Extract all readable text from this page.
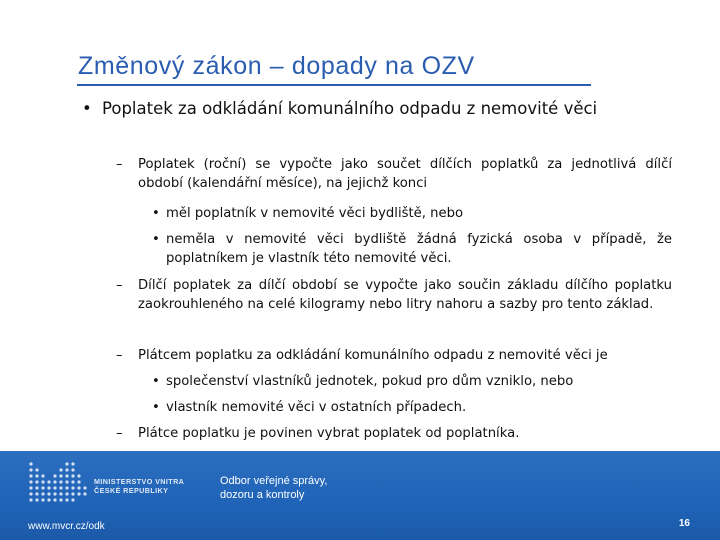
Změnový zákon – dopady na OZV
• Poplatek za odkládání komunálního odpadu z nemovité věci
– Poplatek (roční) se vypočte jako součet dílčích poplatků za jednotlivá dílčí období (kalendářní měsíce), na jejichž konci
• měl poplatník v nemovité věci bydliště, nebo
• neměla v nemovité věci bydliště žádná fyzická osoba v případě, že poplatníkem je vlastník této nemovité věci.
– Dílčí poplatek za dílčí období se vypočte jako součin základu dílčího poplatku zaokrouhleného na celé kilogramy nebo litry nahoru a sazby pro tento základ.
– Plátcem poplatku za odkládání komunálního odpadu z nemovité věci je
• společenství vlastníků jednotek, pokud pro dům vzniklo, nebo
• vlastník nemovité věci v ostatních případech.
– Plátce poplatku je povinen vybrat poplatek od poplatníka.
MINISTERSTVO VNITRA
ČESKÉ REPUBLIKY
Odbor veřejné správy,
dozoru a kontroly
www.mvcr.cz/odk	16
